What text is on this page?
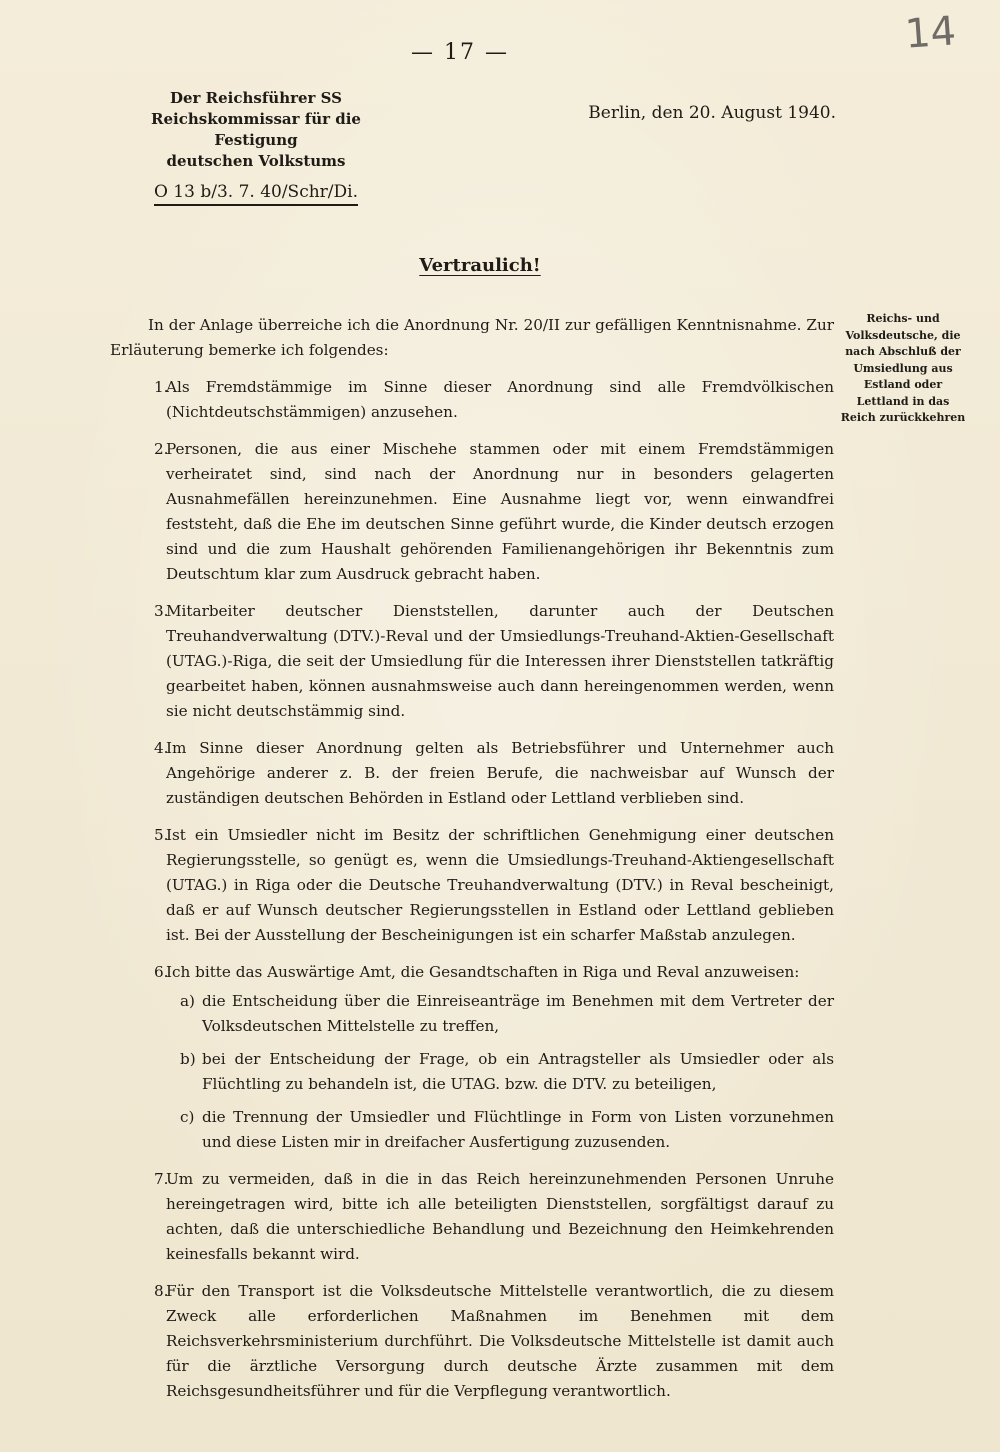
— 17 —	14
Der Reichsführer SS
Reichskommissar für die Festigung
deutschen Volkstums
O 13 b/3. 7. 40/Schr/Di.
Berlin, den 20. August 1940.
Vertraulich!
Reichs- und Volksdeutsche, die nach Abschluß der Umsiedlung aus Estland oder Lettland in das Reich zurückkehren

In der Anlage überreiche ich die Anordnung Nr. 20/II zur gefälligen Kenntnisnahme. Zur Erläuterung bemerke ich folgendes:

1.
Als Fremdstämmige im Sinne dieser Anordnung sind alle Fremdvölkischen (Nichtdeutschstämmigen) anzusehen.
2.
Personen, die aus einer Mischehe stammen oder mit einem Fremdstämmigen verheiratet sind, sind nach der Anordnung nur in besonders gelagerten Ausnahmefällen hereinzunehmen. Eine Ausnahme liegt vor, wenn einwandfrei feststeht, daß die Ehe im deutschen Sinne geführt wurde, die Kinder deutsch erzogen sind und die zum Haushalt gehörenden Familienangehörigen ihr Bekenntnis zum Deutschtum klar zum Ausdruck gebracht haben.
3.
Mitarbeiter deutscher Dienststellen, darunter auch der Deutschen Treuhandverwaltung (DTV.)-Reval und der Umsiedlungs-Treuhand-Aktien-Gesellschaft (UTAG.)-Riga, die seit der Umsiedlung für die Interessen ihrer Dienststellen tatkräftig gearbeitet haben, können ausnahmsweise auch dann hereingenommen werden, wenn sie nicht deutschstämmig sind.
4.
Im Sinne dieser Anordnung gelten als Betriebsführer und Unternehmer auch Angehörige anderer z. B. der freien Berufe, die nachweisbar auf Wunsch der zuständigen deutschen Behörden in Estland oder Lettland verblieben sind.
5.
Ist ein Umsiedler nicht im Besitz der schriftlichen Genehmigung einer deutschen Regierungsstelle, so genügt es, wenn die Umsiedlungs-Treuhand-Aktiengesellschaft (UTAG.) in Riga oder die Deutsche Treuhandverwaltung (DTV.) in Reval bescheinigt, daß er auf Wunsch deutscher Regierungsstellen in Estland oder Lettland geblieben ist. Bei der Ausstellung der Bescheinigungen ist ein scharfer Maßstab anzulegen.
6.
Ich bitte das Auswärtige Amt, die Gesandtschaften in Riga und Reval anzuweisen:
a) die Entscheidung über die Einreiseanträge im Benehmen mit dem Vertreter der Volksdeutschen Mittelstelle zu treffen,
b) bei der Entscheidung der Frage, ob ein Antragsteller als Umsiedler oder als Flüchtling zu behandeln ist, die UTAG. bzw. die DTV. zu beteiligen,
c) die Trennung der Umsiedler und Flüchtlinge in Form von Listen vorzunehmen und diese Listen mir in dreifacher Ausfertigung zuzusenden.
7.
Um zu vermeiden, daß in die in das Reich hereinzunehmenden Personen Unruhe hereingetragen wird, bitte ich alle beteiligten Dienststellen, sorgfältigst darauf zu achten, daß die unterschiedliche Behandlung und Bezeichnung den Heimkehrenden keinesfalls bekannt wird.
8.
Für den Transport ist die Volksdeutsche Mittelstelle verantwortlich, die zu diesem Zweck alle erforderlichen Maßnahmen im Benehmen mit dem Reichsverkehrsministerium durchführt. Die Volksdeutsche Mittelstelle ist damit auch für die ärztliche Versorgung durch deutsche Ärzte zusammen mit dem Reichsgesundheitsführer und für die Verpflegung verantwortlich.
